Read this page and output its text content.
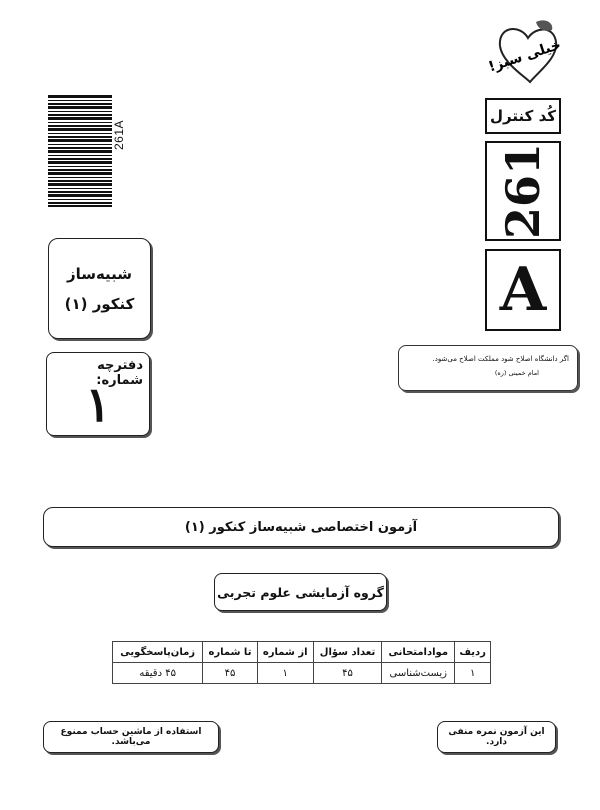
261A
خیلی سبز!
کُد کنترل
261
A
اگر دانشگاه اصلاح شود مملکت اصلاح می‌شود.
امام خمینی (ره)
شبیه‌ساز
کنکور (۱)
دفترچه شماره:
۱
آزمون اختصاصی شبیه‌ساز کنکور (۱)
گروه آزمایشی علوم تجربی
ردیف	موادامتحانی	تعداد سؤال	از شماره	تا شماره	زمان‌پاسخگویی
۱	زیست‌شناسی	۴۵	۱	۴۵	۴۵ دقیقه
این آزمون نمره منفی دارد.
استفاده از ماشین حساب ممنوع می‌باشد.
